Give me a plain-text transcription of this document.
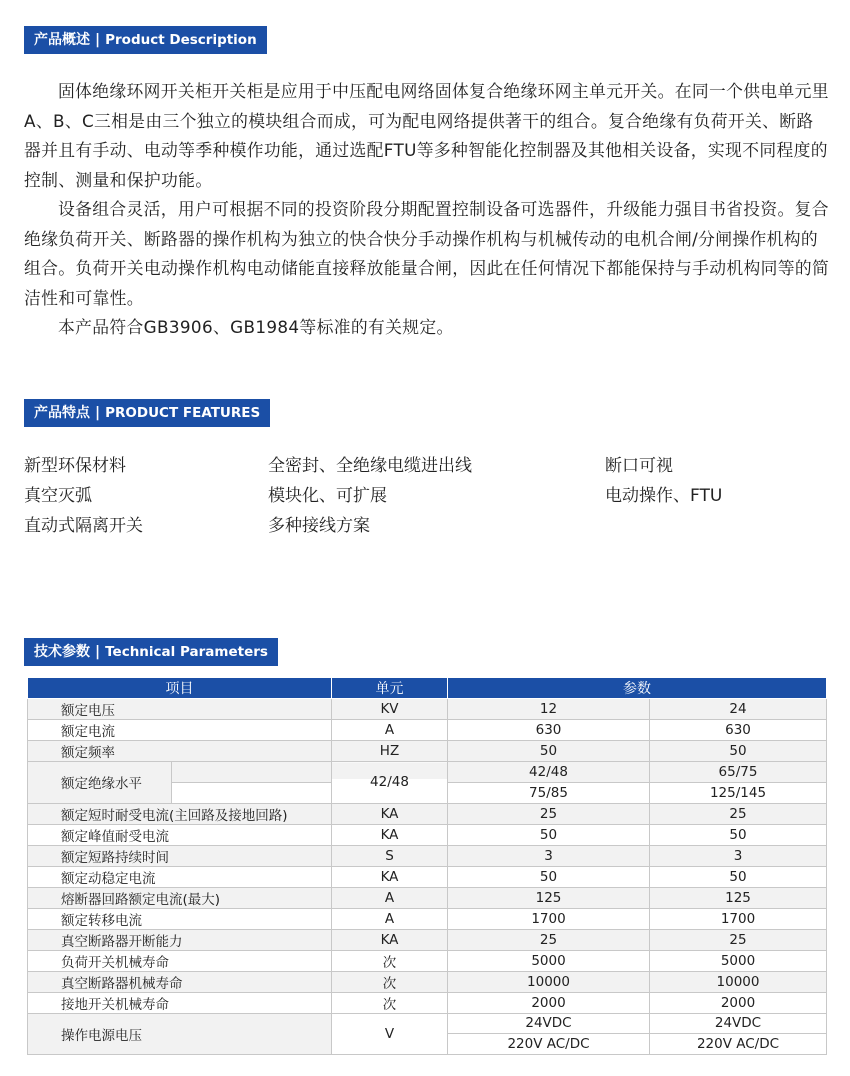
产品概述 | Product Description

固体绝缘环网开关柜开关柜是应用于中压配电网络固体复合绝缘环网主单元开关。在同一个供电单元里A、B、C三相是由三个独立的模块组合而成，可为配电网络提供著干的组合。复合绝缘有负荷开关、断路器并且有手动、电动等季种模作功能，通过选配FTU等多种智能化控制器及其他相关设备，实现不同程度的控制、测量和保护功能。

设备组合灵活，用户可根据不同的投资阶段分期配置控制设备可选器件，升级能力强目书省投资。复合绝缘负荷开关、断路器的操作机构为独立的快合快分手动操作机构与机械传动的电机合闸/分闸操作机构的组合。负荷开关电动操作机构电动储能直接释放能量合闸，因此在任何情况下都能保持与手动机构同等的简洁性和可靠性。

本产品符合GB3906、GB1984等标准的有关规定。

产品特点 | PRODUCT FEATURES
新型环保材料	全密封、全绝缘电缆进出线	断口可视
真空灭弧	模块化、可扩展	电动操作、FTU
直动式隔离开关	多种接线方案
技术参数 | Technical Parameters
项目		单元	参数	
额定电压		KV	12	24
额定电流		A	630	630
额定频率		HZ	50	50
额定绝缘水平		42/48	42/48	65/75
			75/85	125/145
额定短时耐受电流(主回路及接地回路)		KA	25	25
额定峰值耐受电流		KA	50	50
额定短路持续时间		S	3	3
额定动稳定电流		KA	50	50
熔断器回路额定电流(最大)		A	125	125
额定转移电流		A	1700	1700
真空断路器开断能力		KA	25	25
负荷开关机械寿命		次	5000	5000
真空断路器机械寿命		次	10000	10000
接地开关机械寿命		次	2000	2000
操作电源电压		V	24VDC	24VDC
			220V AC/DC	220V AC/DC
